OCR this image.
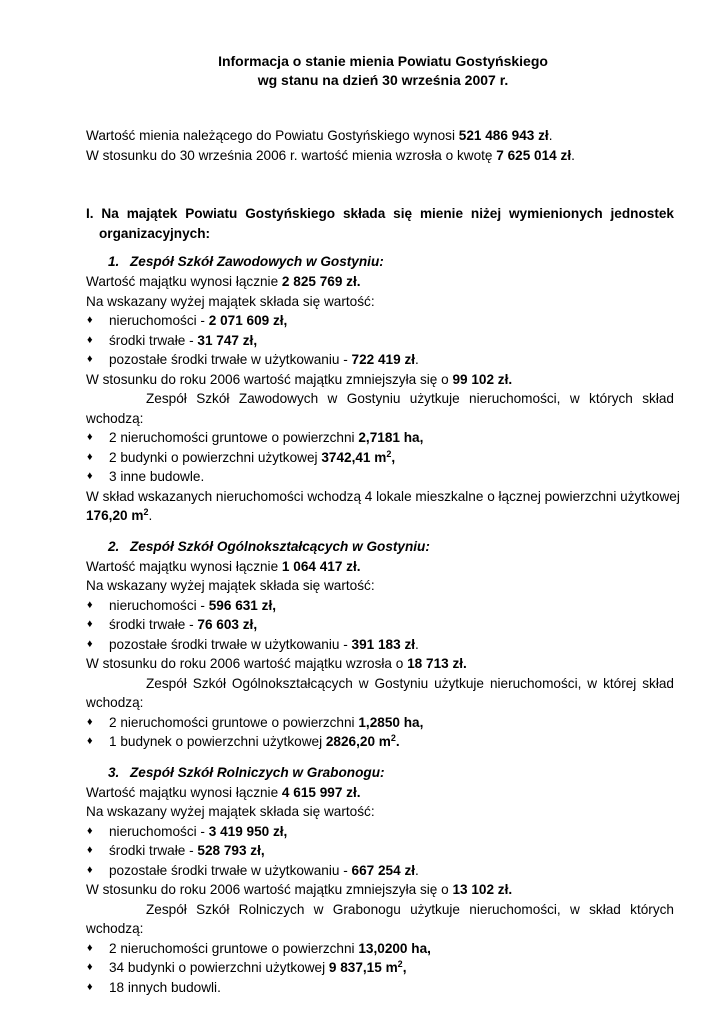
Informacja o stanie mienia Powiatu Gostyńskiego
wg stanu na dzień 30 września 2007 r.
Wartość mienia należącego do Powiatu Gostyńskiego wynosi 521 486 943 zł.
W stosunku do 30 września 2006 r. wartość mienia wzrosła o kwotę 7 625 014 zł.
I. Na majątek Powiatu Gostyńskiego składa się mienie niżej wymienionych jednostek organizacyjnych:
1. Zespół Szkół Zawodowych w Gostyniu:
Wartość majątku wynosi łącznie 2 825 769 zł.
Na wskazany wyżej majątek składa się wartość:
♦ nieruchomości - 2 071 609 zł,
♦ środki trwałe - 31 747 zł,
♦ pozostałe środki trwałe w użytkowaniu - 722 419 zł.
W stosunku do roku 2006 wartość majątku zmniejszyła się o 99 102 zł.
Zespół Szkół Zawodowych w Gostyniu użytkuje nieruchomości, w których skład wchodzą:
♦ 2 nieruchomości gruntowe o powierzchni 2,7181 ha,
♦ 2 budynki o powierzchni użytkowej 3742,41 $m^2$,
♦ 3 inne budowle.
W skład wskazanych nieruchomości wchodzą 4 lokale mieszkalne o łącznej powierzchni użytkowej
176,20 $m^2$.
2. Zespół Szkół Ogólnokształcących w Gostyniu:
Wartość majątku wynosi łącznie 1 064 417 zł.
Na wskazany wyżej majątek składa się wartość:
♦ nieruchomości - 596 631 zł,
♦ środki trwałe - 76 603 zł,
♦ pozostałe środki trwałe w użytkowaniu - 391 183 zł.
W stosunku do roku 2006 wartość majątku wzrosła o 18 713 zł.
Zespół Szkół Ogólnokształcących w Gostyniu użytkuje nieruchomości, w której skład wchodzą:
♦ 2 nieruchomości gruntowe o powierzchni 1,2850 ha,
♦ 1 budynek o powierzchni użytkowej 2826,20 $m^2$.
3. Zespół Szkół Rolniczych w Grabonogu:
Wartość majątku wynosi łącznie 4 615 997 zł.
Na wskazany wyżej majątek składa się wartość:
♦ nieruchomości - 3 419 950 zł,
♦ środki trwałe - 528 793 zł,
♦ pozostałe środki trwałe w użytkowaniu - 667 254 zł.
W stosunku do roku 2006 wartość majątku zmniejszyła się o 13 102 zł.
Zespół Szkół Rolniczych w Grabonogu użytkuje nieruchomości, w skład których wchodzą:
♦ 2 nieruchomości gruntowe o powierzchni 13,0200 ha,
♦ 34 budynki o powierzchni użytkowej 9 837,15 $m^2$,
♦ 18 innych budowli.
